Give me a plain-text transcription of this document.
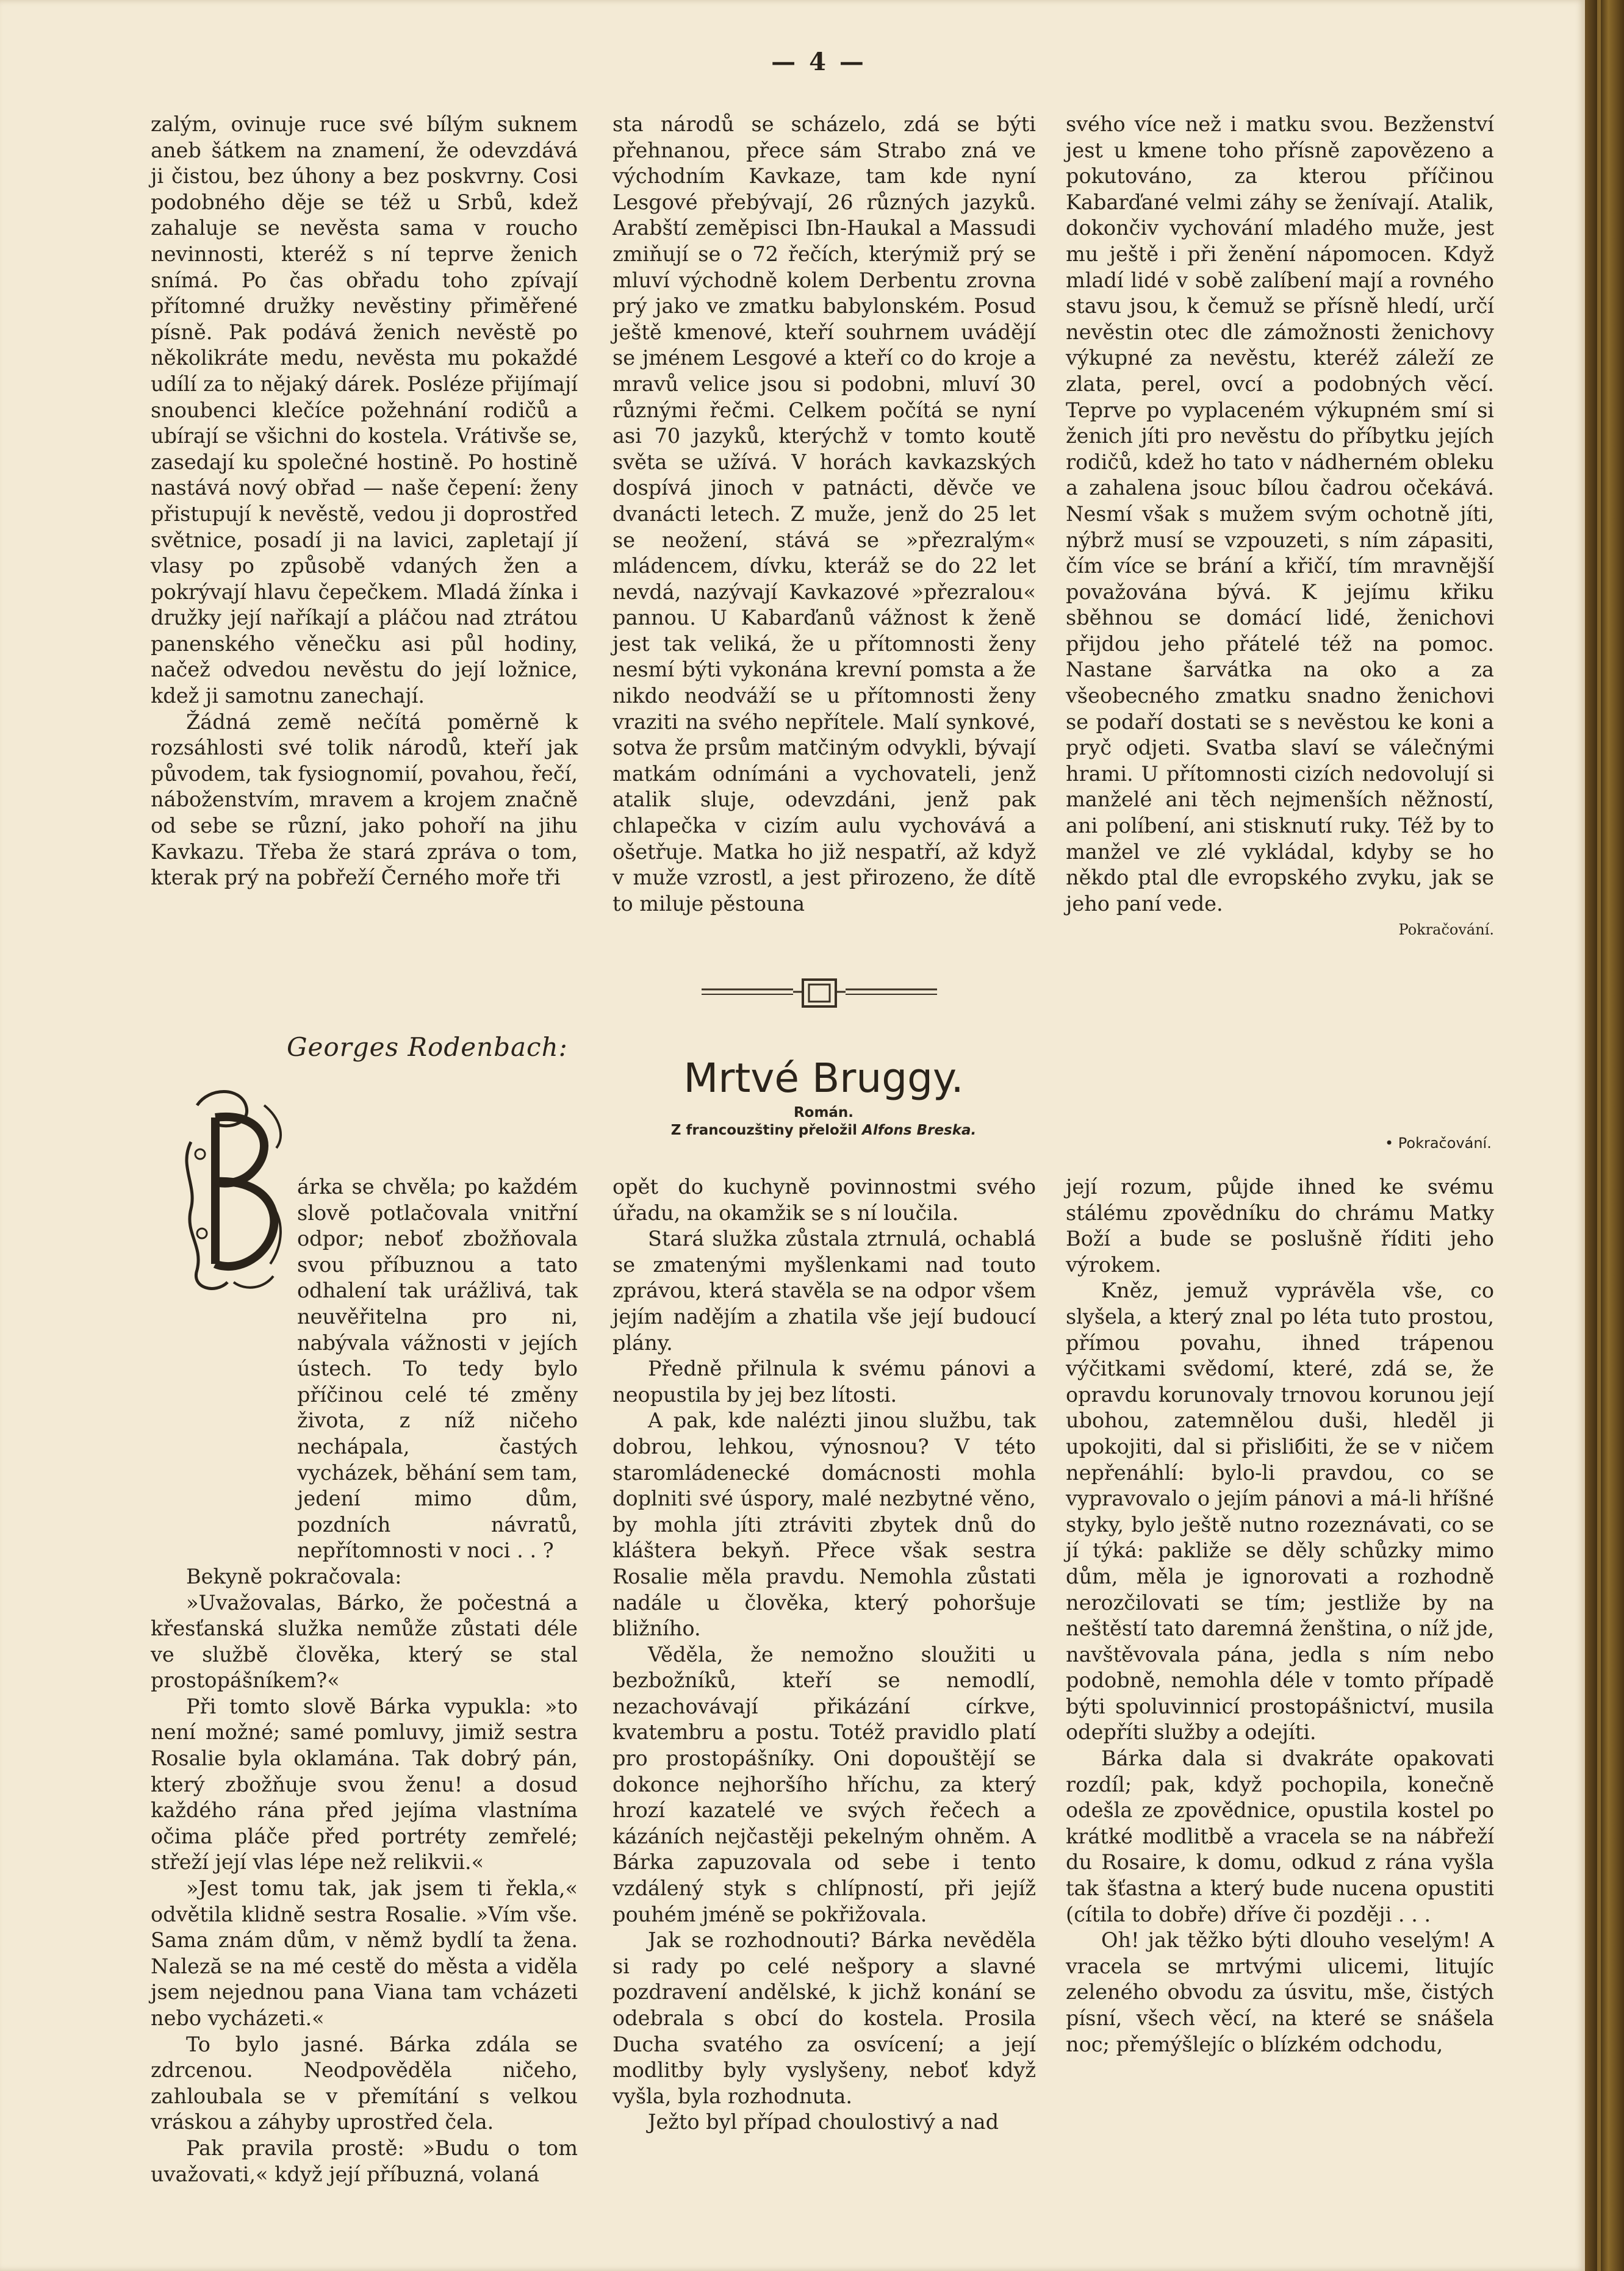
— 4 —

zalým, ovinuje ruce své bílým suknem aneb šátkem na znamení, že odevzdává ji čistou, bez úhony a bez poskvrny. Cosi podobného děje se též u Srbů, kdež zahaluje se nevěsta sama v roucho nevinnosti, kteréž s ní teprve ženich snímá. Po čas obřadu toho zpívají přítomné družky nevěstiny přiměřené písně. Pak podává ženich nevěstě po několikráte medu, nevěsta mu pokaždé udílí za to nějaký dárek. Posléze přijímají snoubenci klečíce požehnání rodičů a ubírají se všichni do kostela. Vrátivše se, zasedají ku společné hostině. Po hostině nastává nový obřad — naše čepení: ženy přistupují k nevěstě, vedou ji doprostřed světnice, posadí ji na lavici, zapletají jí vlasy po způsobě vdaných žen a pokrývají hlavu čepečkem. Mladá žínka i družky její naříkají a pláčou nad ztrátou panenského věnečku asi půl hodiny, načež odvedou nevěstu do její ložnice, kdež ji samotnu zanechají.

Žádná země nečítá poměrně k rozsáhlosti své tolik národů, kteří jak původem, tak fysiognomií, povahou, řečí, náboženstvím, mravem a krojem značně od sebe se různí, jako pohoří na jihu Kavkazu. Třeba že stará zpráva o tom, kterak prý na pobřeží Černého moře tři

sta národů se scházelo, zdá se býti přehnanou, přece sám Strabo zná ve východním Kavkaze, tam kde nyní Lesgové přebývají, 26 různých jazyků. Arabští zeměpisci Ibn-Haukal a Massudi zmiňují se o 72 řečích, kterýmiž prý se mluví východně kolem Derbentu zrovna prý jako ve zmatku babylonském. Posud ještě kmenové, kteří souhrnem uvádějí se jménem Lesgové a kteří co do kroje a mravů velice jsou si podobni, mluví 30 různými řečmi. Celkem počítá se nyní asi 70 jazyků, kterýchž v tomto koutě světa se užívá. V horách kavkazských dospívá jinoch v patnácti, děvče ve dvanácti letech. Z muže, jenž do 25 let se neožení, stává se »přezralým« mládencem, dívku, kteráž se do 22 let nevdá, nazývají Kavkazové »přezralou« pannou. U Kabarďanů vážnost k ženě jest tak veliká, že u přítomnosti ženy nesmí býti vykonána krevní pomsta a že nikdo neodváží se u přítomnosti ženy vraziti na svého nepřítele. Malí synkové, sotva že prsům matčiným odvykli, bývají matkám odnímáni a vychovateli, jenž atalik sluje, odevzdáni, jenž pak chlapečka v cizím aulu vychovává a ošetřuje. Matka ho již nespatří, až když v muže vzrostl, a jest přirozeno, že dítě to miluje pěstouna

svého více než i matku svou. Bezženství jest u kmene toho přísně zapovězeno a pokutováno, za kterou příčinou Kabarďané velmi záhy se ženívají. Atalik, dokončiv vychování mladého muže, jest mu ještě i při ženění nápomocen. Když mladí lidé v sobě zalíbení mají a rovného stavu jsou, k čemuž se přísně hledí, určí nevěstin otec dle zámožnosti ženichovy výkupné za nevěstu, kteréž záleží ze zlata, perel, ovcí a podobných věcí. Teprve po vyplaceném výkupném smí si ženich jíti pro nevěstu do příbytku jejích rodičů, kdež ho tato v nádherném obleku a zahalena jsouc bílou čadrou očekává. Nesmí však s mužem svým ochotně jíti, nýbrž musí se vzpouzeti, s ním zápasiti, čím více se brání a křičí, tím mravnější považována bývá. K jejímu křiku sběhnou se domácí lidé, ženichovi přijdou jeho přátelé též na pomoc. Nastane šarvátka na oko a za všeobecného zmatku snadno ženichovi se podaří dostati se s nevěstou ke koni a pryč odjeti. Svatba slaví se válečnými hrami. U přítomnosti cizích nedovolují si manželé ani těch nejmenších něžností, ani políbení, ani stisknutí ruky. Též by to manžel ve zlé vykládal, kdyby se ho někdo ptal dle evropského zvyku, jak se jeho paní vede.

Pokračování.

Georges Rodenbach:
Mrtvé Bruggy.
Román.
Z francouzštiny přeložil Alfons Breska.
• Pokračování.
B

árka se chvěla; po každém slově potlačovala vnitřní odpor; neboť zbožňovala svou příbuznou a tato odhalení tak urážlivá, tak neuvěřitelna pro ni, nabývala vážnosti v jejích ústech. To tedy bylo příčinou celé té změny života, z níž ničeho nechápala, častých vycházek, běhání sem tam, jedení mimo dům, pozdních návratů, nepřítomnosti v noci . . ?

Bekyně pokračovala:

»Uvažovalas, Bárko, že počestná a křesťanská služka nemůže zůstati déle ve službě člověka, který se stal prostopášníkem?«

Při tomto slově Bárka vypukla: »to není možné; samé pomluvy, jimiž sestra Rosalie byla oklamána. Tak dobrý pán, který zbožňuje svou ženu! a dosud každého rána před jejíma vlastníma očima pláče před portréty zemřelé; střeží její vlas lépe než relikvii.«

»Jest tomu tak, jak jsem ti řekla,« odvětila klidně sestra Rosalie. »Vím vše. Sama znám dům, v němž bydlí ta žena. Naleză se na mé cestě do města a viděla jsem nejednou pana Viana tam vcházeti nebo vycházeti.«

To bylo jasné. Bárka zdála se zdrcenou. Neodpověděla ničeho, zahloubala se v přemítání s velkou vráskou a záhyby uprostřed čela.

Pak pravila prostě: »Budu o tom uvažovati,« když její příbuzná, volaná

opět do kuchyně povinnostmi svého úřadu, na okamžik se s ní loučila.

Stará služka zůstala ztrnulá, ochablá se zmatenými myšlenkami nad touto zprávou, která stavěla se na odpor všem jejím nadějím a zhatila vše její budoucí plány.

Předně přilnula k svému pánovi a neopustila by jej bez lítosti.

A pak, kde nalézti jinou službu, tak dobrou, lehkou, výnosnou? V této staromládenecké domácnosti mohla doplniti své úspory, malé nezbytné věno, by mohla jíti ztráviti zbytek dnů do kláštera bekyň. Přece však sestra Rosalie měla pravdu. Nemohla zůstati nadále u člověka, který pohoršuje bližního.

Věděla, že nemožno sloužiti u bezbožníků, kteří se nemodlí, nezachovávají přikázání církve, kvatembru a postu. Totéž pravidlo platí pro prostopášníky. Oni dopouštějí se dokonce nejhoršího hříchu, za který hrozí kazatelé ve svých řečech a kázáních nejčastěji pekelným ohněm. A Bárka zapuzovala od sebe i tento vzdálený styk s chlípností, při jejíž pouhém jméně se pokřižovala.

Jak se rozhodnouti? Bárka nevěděla si rady po celé nešpory a slavné pozdravení andělské, k jichž konání se odebrala s obcí do kostela. Prosila Ducha svatého za osvícení; a její modlitby byly vyslyšeny, neboť když vyšla, byla rozhodnuta.

Ježto byl případ choulostivý a nad

její rozum, půjde ihned ke svému stálému zpovědníku do chrámu Matky Boží a bude se poslušně říditi jeho výrokem.

Kněz, jemuž vyprávěla vše, co slyšela, a který znal po léta tuto prostou, přímou povahu, ihned trápenou výčitkami svědomí, které, zdá se, že opravdu korunovaly trnovou korunou její ubohou, zatemnělou duši, hleděl ji upokojiti, dal si přisliбiti, že se v ničem nepřenáhlí: bylo-li pravdou, co se vypravovalo o jejím pánovi a má-li hříšné styky, bylo ještě nutno rozeznávati, co se jí týká: pakliže se děly schůzky mimo dům, měla je ignorovati a rozhodně nerozčilovati se tím; jestliže by na neštěstí tato daremná ženština, o níž jde, navštěvovala pána, jedla s ním nebo podobně, nemohla déle v tomto případě býti spoluvinnicí prostopášnictví, musila odepříti služby a odejíti.

Bárka dala si dvakráte opakovati rozdíl; pak, když pochopila, konečně odešla ze zpovědnice, opustila kostel po krátké modlitbě a vracela se na nábřeží du Rosaire, k domu, odkud z rána vyšla tak šťastna a který bude nucena opustiti (cítila to dobře) dříve či později . . .

Oh! jak těžko býti dlouho veselým! A vracela se mrtvými ulicemi, litujíc zeleného obvodu za úsvitu, mše, čistých písní, všech věcí, na které se snášela noc; přemýšlejíc o blízkém odchodu,
